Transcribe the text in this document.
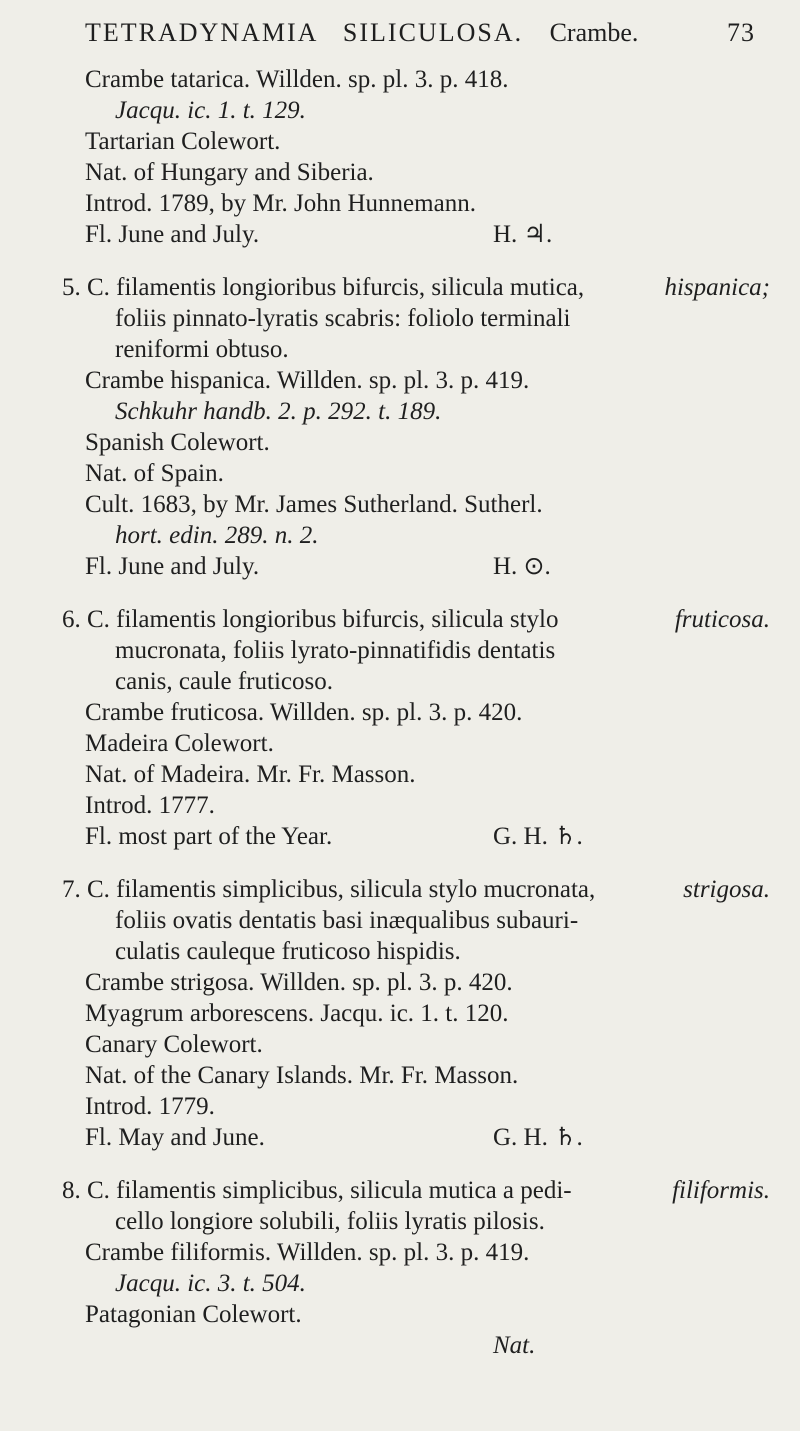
TETRADYNAMIA SILICULOSA. Crambe.	73
Crambe tatarica. Willden. sp. pl. 3. p. 418.
Jacqu. ic. 1. t. 129.
Tartarian Colewort.
Nat. of Hungary and Siberia.
Introd. 1789, by Mr. John Hunnemann.
Fl. June and July.	H. ♃.
5. C. filamentis longioribus bifurcis, silicula mutica,	hispanica;
foliis pinnato-lyratis scabris: foliolo terminali
reniformi obtuso.
Crambe hispanica. Willden. sp. pl. 3. p. 419.
Schkuhr handb. 2. p. 292. t. 189.
Spanish Colewort.
Nat. of Spain.
Cult. 1683, by Mr. James Sutherland. Sutherl.
hort. edin. 289. n. 2.
Fl. June and July.	H. ⊙.
6. C. filamentis longioribus bifurcis, silicula stylo	fruticosa.
mucronata, foliis lyrato-pinnatifidis dentatis
canis, caule fruticoso.
Crambe fruticosa. Willden. sp. pl. 3. p. 420.
Madeira Colewort.
Nat. of Madeira. Mr. Fr. Masson.
Introd. 1777.
Fl. most part of the Year.	G. H. ♄.
7. C. filamentis simplicibus, silicula stylo mucronata,	strigosa.
foliis ovatis dentatis basi inæqualibus subauri-
culatis cauleque fruticoso hispidis.
Crambe strigosa. Willden. sp. pl. 3. p. 420.
Myagrum arborescens. Jacqu. ic. 1. t. 120.
Canary Colewort.
Nat. of the Canary Islands. Mr. Fr. Masson.
Introd. 1779.
Fl. May and June.	G. H. ♄.
8. C. filamentis simplicibus, silicula mutica a pedi-	filiformis.
cello longiore solubili, foliis lyratis pilosis.
Crambe filiformis. Willden. sp. pl. 3. p. 419.
Jacqu. ic. 3. t. 504.
Patagonian Colewort.
Nat.
